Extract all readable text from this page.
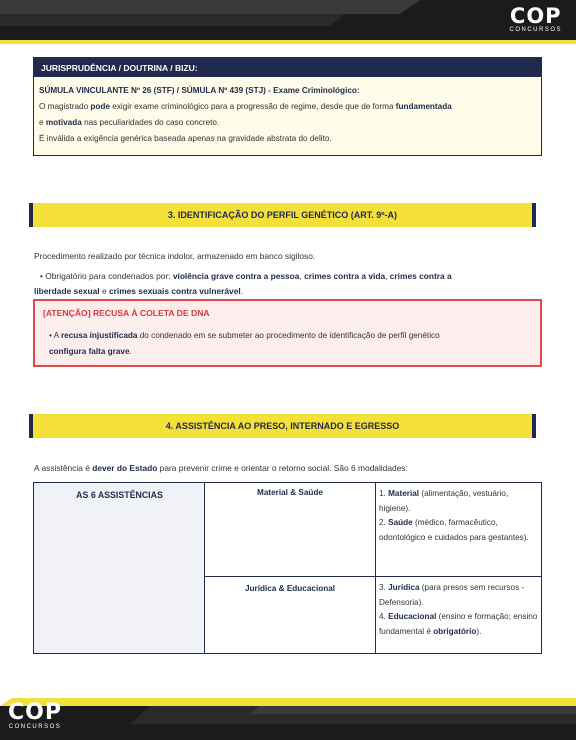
COP
CONCURSOS
JURISPRUDÊNCIA / DOUTRINA / BIZU:
SÚMULA VINCULANTE Nº 26 (STF) / SÚMULA Nº 439 (STJ) - Exame Criminológico:
O magistrado pode exigir exame criminológico para a progressão de regime, desde que de forma fundamentada
e motivada nas peculiaridades do caso concreto.
É inválida a exigência genérica baseada apenas na gravidade abstrata do delito.
3. IDENTIFICAÇÃO DO PERFIL GENÉTICO (ART. 9º-A)
Procedimento realizado por técnica indolor, armazenado em banco sigiloso.
• Obrigatório para condenados por: violência grave contra a pessoa, crimes contra a vida, crimes contra a
liberdade sexual e crimes sexuais contra vulnerável.
[ATENÇÃO] RECUSA À COLETA DE DNA
• A recusa injustificada do condenado em se submeter ao procedimento de identificação de perfil genético
configura falta grave.
4. ASSISTÊNCIA AO PRESO, INTERNADO E EGRESSO
A assistência é dever do Estado para prevenir crime e orientar o retorno social. São 6 modalidades:
AS 6 ASSISTÊNCIAS	Material & Saúde	1. Material (alimentação, vestuário, higiene).
2. Saúde (médico, farmacêutico, odontológico e cuidados para gestantes).
Jurídica & Educacional	3. Jurídica (para presos sem recursos - Defensoria).
4. Educacional (ensino e formação; ensino fundamental é obrigatório).
COP
CONCURSOS
